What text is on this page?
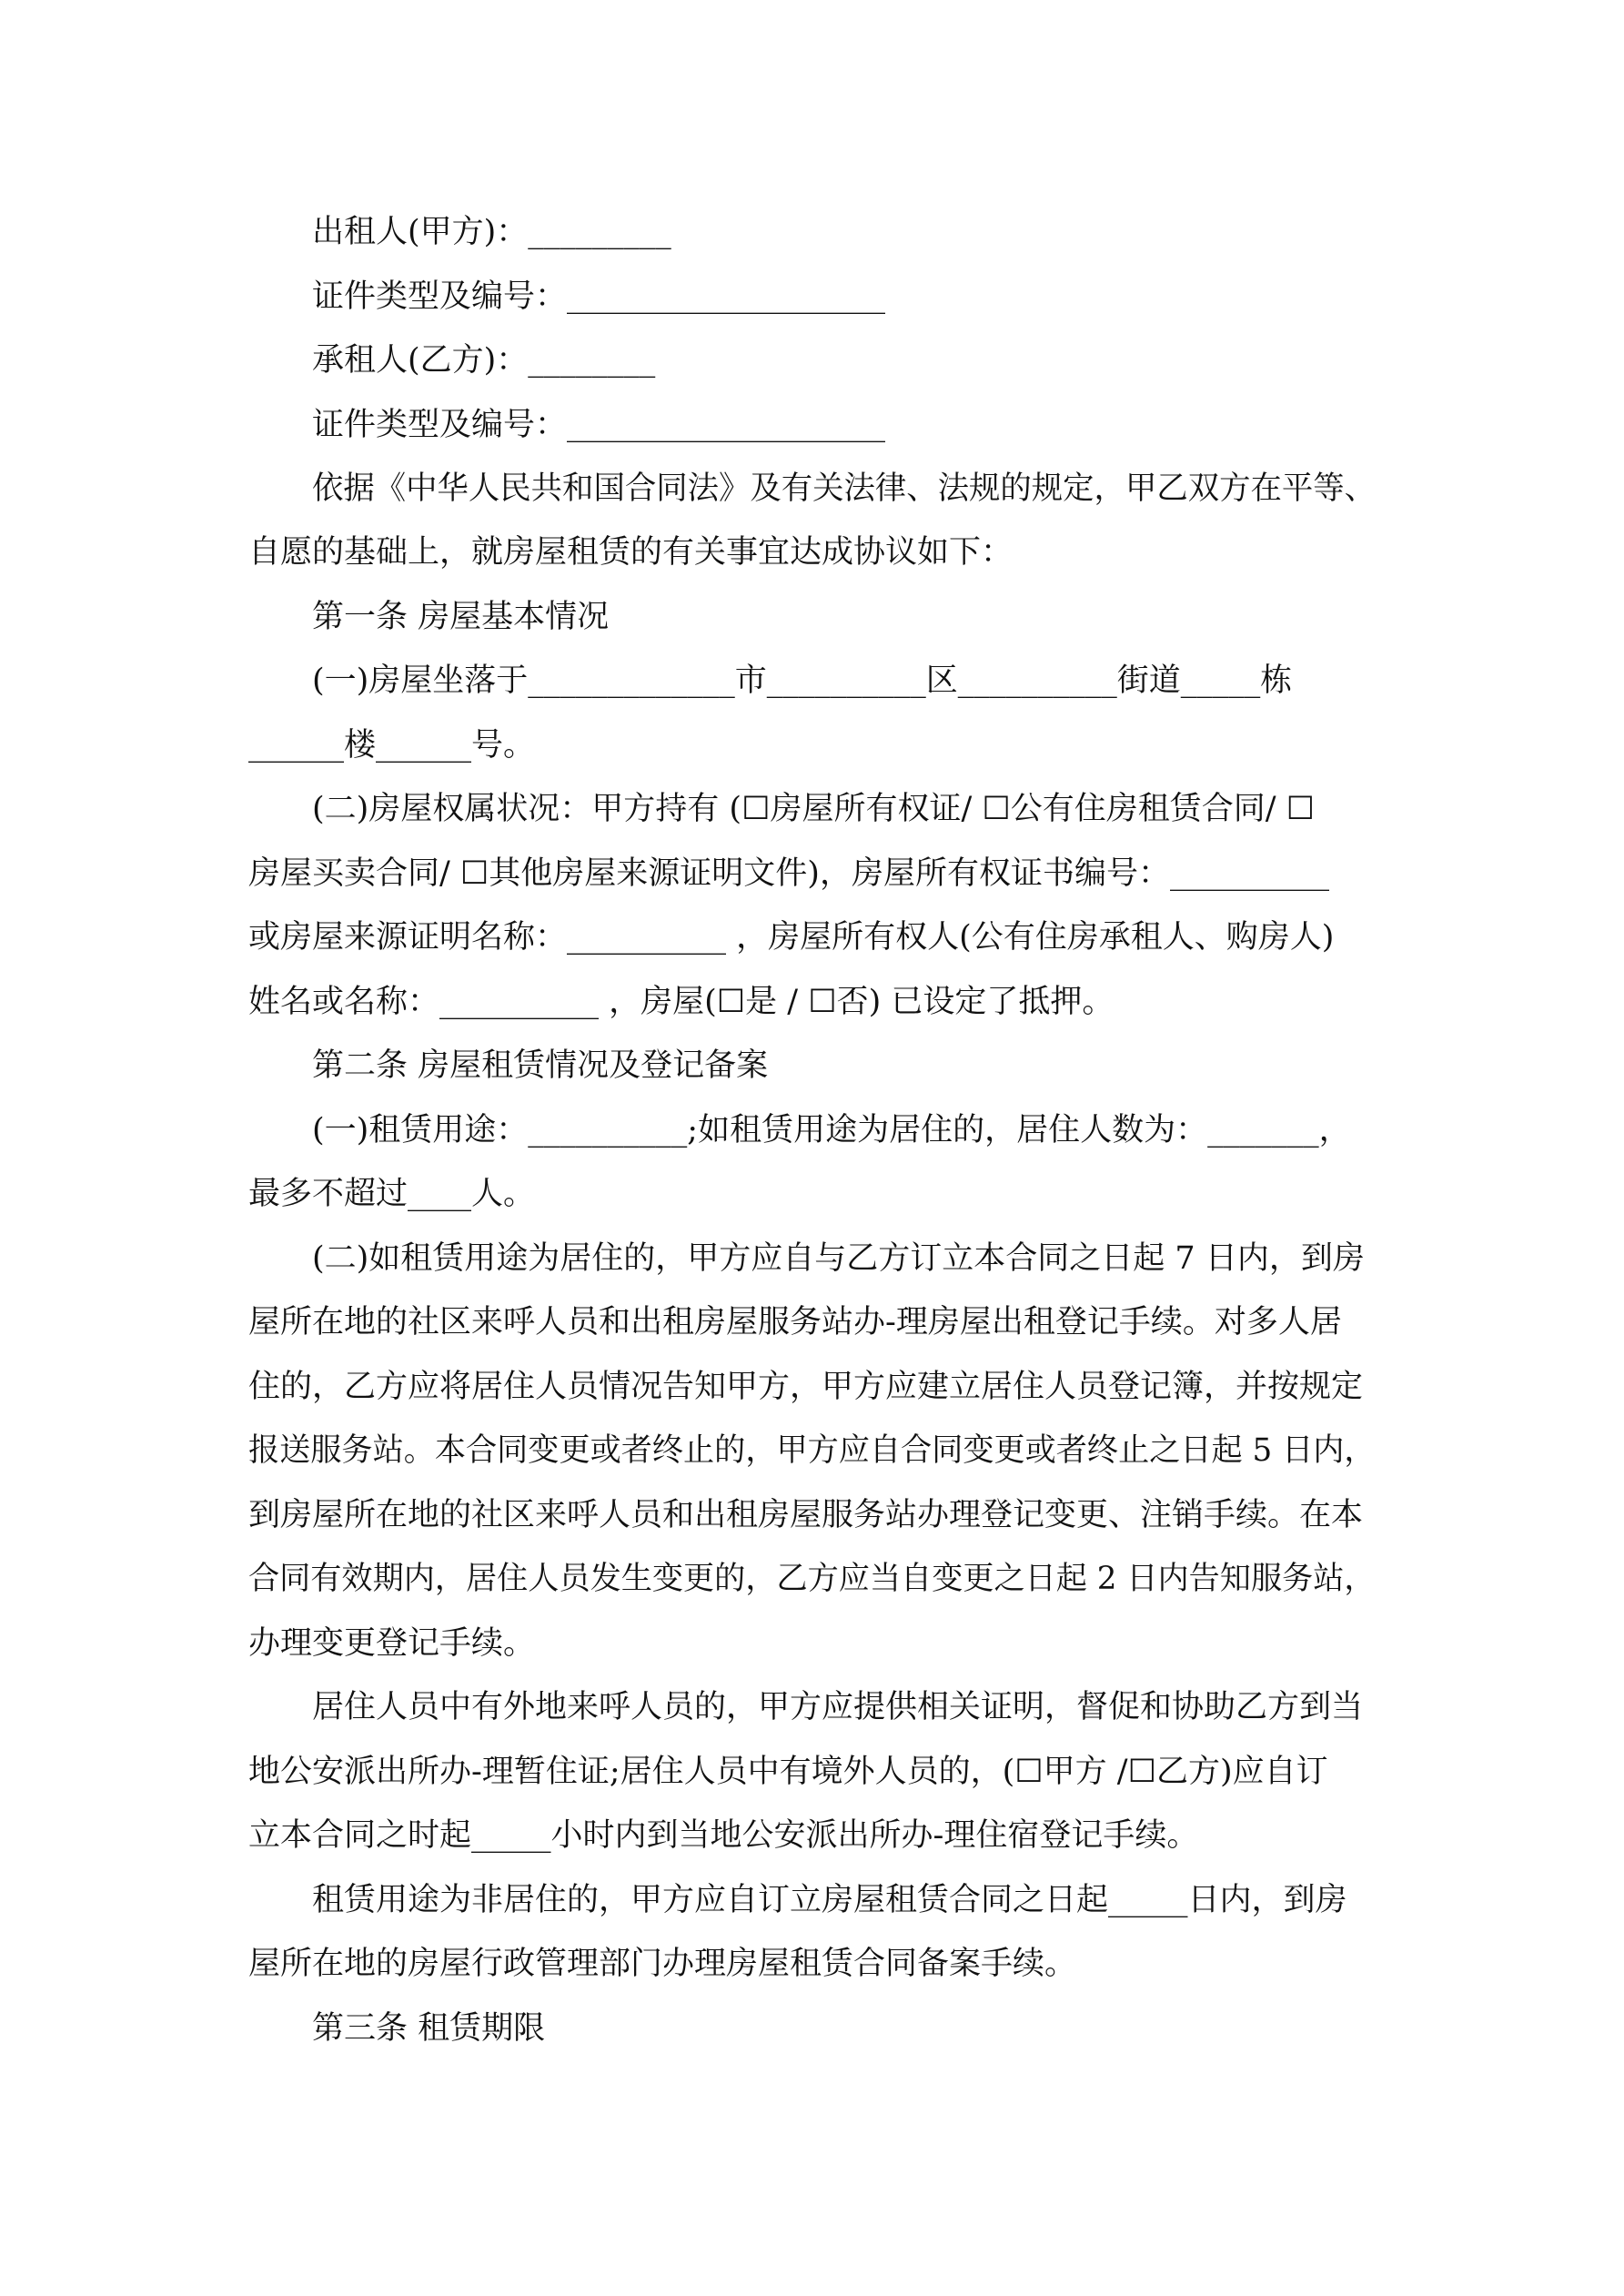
出租人(甲方)：_________

证件类型及编号：____________________

承租人(乙方)：________

证件类型及编号：____________________

依据《中华人民共和国合同法》及有关法律、法规的规定，甲乙双方在平等、

自愿的基础上，就房屋租赁的有关事宜达成协议如下：

第一条 房屋基本情况

(一)房屋坐落于_____________市__________区__________街道_____栋

______楼______号。

(二)房屋权属状况：甲方持有 (☐房屋所有权证/ ☐公有住房租赁合同/ ☐

房屋买卖合同/ ☐其他房屋来源证明文件)，房屋所有权证书编号：__________

或房屋来源证明名称：__________ ，房屋所有权人(公有住房承租人、购房人)

姓名或名称：__________ ，房屋(☐是 / ☐否) 已设定了抵押。

第二条 房屋租赁情况及登记备案

(一)租赁用途：__________;如租赁用途为居住的，居住人数为：_______，

最多不超过____人。

(二)如租赁用途为居住的，甲方应自与乙方订立本合同之日起 7 日内，到房

屋所在地的社区来呼人员和出租房屋服务站办-理房屋出租登记手续。对多人居

住的，乙方应将居住人员情况告知甲方，甲方应建立居住人员登记簿，并按规定

报送服务站。本合同变更或者终止的，甲方应自合同变更或者终止之日起 5 日内，

到房屋所在地的社区来呼人员和出租房屋服务站办理登记变更、注销手续。在本

合同有效期内，居住人员发生变更的，乙方应当自变更之日起 2 日内告知服务站，

办理变更登记手续。

居住人员中有外地来呼人员的，甲方应提供相关证明，督促和协助乙方到当

地公安派出所办-理暂住证;居住人员中有境外人员的，(☐甲方 /☐乙方)应自订

立本合同之时起_____小时内到当地公安派出所办-理住宿登记手续。

租赁用途为非居住的，甲方应自订立房屋租赁合同之日起_____日内，到房

屋所在地的房屋行政管理部门办理房屋租赁合同备案手续。

第三条 租赁期限
